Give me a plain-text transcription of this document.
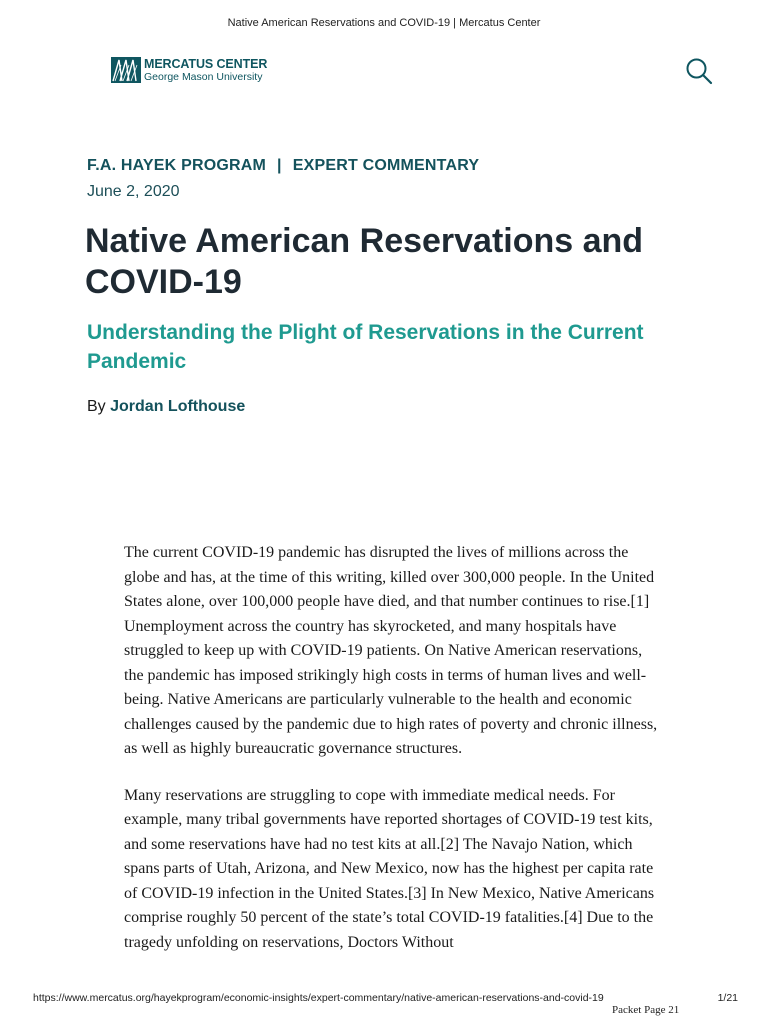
Native American Reservations and COVID-19 | Mercatus Center
MERCATUS CENTER
George Mason University
F.A. HAYEK PROGRAM | EXPERT COMMENTARY
June 2, 2020
Native American Reservations and COVID-19
Understanding the Plight of Reservations in the Current Pandemic
By Jordan Lofthouse

The current COVID-19 pandemic has disrupted the lives of millions across the globe and has, at the time of this writing, killed over 300,000 people. In the United States alone, over 100,000 people have died, and that number continues to rise.[1] Unemployment across the country has skyrocketed, and many hospitals have struggled to keep up with COVID-19 patients. On Native American reservations, the pandemic has imposed strikingly high costs in terms of human lives and well-being. Native Americans are particularly vulnerable to the health and economic challenges caused by the pandemic due to high rates of poverty and chronic illness, as well as highly bureaucratic governance structures.

Many reservations are struggling to cope with immediate medical needs. For example, many tribal governments have reported shortages of COVID-19 test kits, and some reservations have had no test kits at all.[2] The Navajo Nation, which spans parts of Utah, Arizona, and New Mexico, now has the highest per capita rate of COVID-19 infection in the United States.[3] In New Mexico, Native Americans comprise roughly 50 percent of the state’s total COVID-19 fatalities.[4] Due to the tragedy unfolding on reservations, Doctors Without

https://www.mercatus.org/hayekprogram/economic-insights/expert-commentary/native-american-reservations-and-covid-19	1/21
Packet Page 21
